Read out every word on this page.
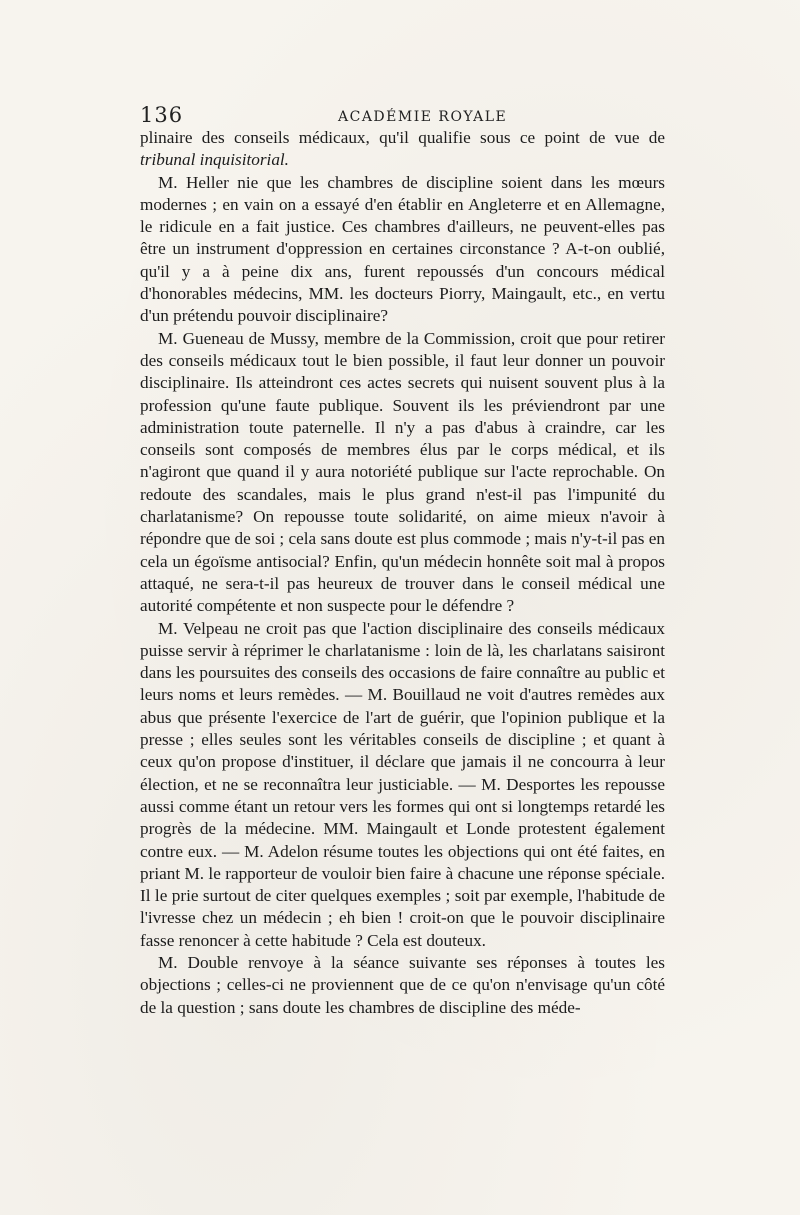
136	ACADÉMIE ROYALE

plinaire des conseils médicaux, qu'il qualifie sous ce point de vue de tribunal inquisitorial.

M. Heller nie que les chambres de discipline soient dans les mœurs modernes ; en vain on a essayé d'en établir en Angleterre et en Allemagne, le ridicule en a fait justice. Ces chambres d'ailleurs, ne peuvent-elles pas être un instrument d'oppression en certaines circonstance ? A-t-on oublié, qu'il y a à peine dix ans, furent repoussés d'un concours médical d'honorables médecins, MM. les docteurs Piorry, Maingault, etc., en vertu d'un prétendu pouvoir disciplinaire?

M. Gueneau de Mussy, membre de la Commission, croit que pour retirer des conseils médicaux tout le bien possible, il faut leur donner un pouvoir disciplinaire. Ils atteindront ces actes secrets qui nuisent souvent plus à la profession qu'une faute publique. Souvent ils les préviendront par une administration toute paternelle. Il n'y a pas d'abus à craindre, car les conseils sont composés de membres élus par le corps médical, et ils n'agiront que quand il y aura notoriété publique sur l'acte reprochable. On redoute des scandales, mais le plus grand n'est-il pas l'impunité du charlatanisme? On repousse toute solidarité, on aime mieux n'avoir à répondre que de soi ; cela sans doute est plus commode ; mais n'y-t-il pas en cela un égoïsme antisocial? Enfin, qu'un médecin honnête soit mal à propos attaqué, ne sera-t-il pas heureux de trouver dans le conseil médical une autorité compétente et non suspecte pour le défendre ?

M. Velpeau ne croit pas que l'action disciplinaire des conseils médicaux puisse servir à réprimer le charlatanisme : loin de là, les charlatans saisiront dans les poursuites des conseils des occasions de faire connaître au public et leurs noms et leurs remèdes. — M. Bouillaud ne voit d'autres remèdes aux abus que présente l'exercice de l'art de guérir, que l'opinion publique et la presse ; elles seules sont les véritables conseils de discipline ; et quant à ceux qu'on propose d'instituer, il déclare que jamais il ne concourra à leur élection, et ne se reconnaîtra leur justiciable. — M. Desportes les repousse aussi comme étant un retour vers les formes qui ont si longtemps retardé les progrès de la médecine. MM. Maingault et Londe protestent également contre eux. — M. Adelon résume toutes les objections qui ont été faites, en priant M. le rapporteur de vouloir bien faire à chacune une réponse spéciale. Il le prie surtout de citer quelques exemples ; soit par exemple, l'habitude de l'ivresse chez un médecin ; eh bien ! croit-on que le pouvoir disciplinaire fasse renoncer à cette habitude ? Cela est douteux.

M. Double renvoye à la séance suivante ses réponses à toutes les objections ; celles-ci ne proviennent que de ce qu'on n'envisage qu'un côté de la question ; sans doute les chambres de discipline des méde-
